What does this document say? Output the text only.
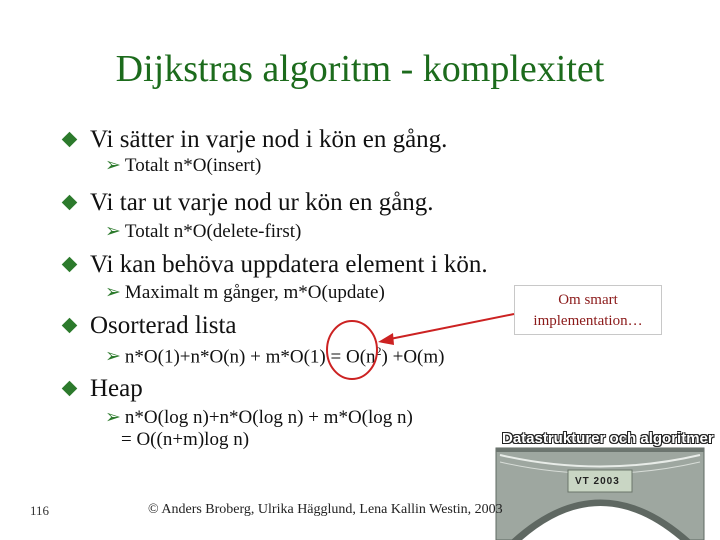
Dijkstras algoritm - komplexitet
Vi sätter in varje nod i kön en gång.
➢ Totalt n*O(insert)
Vi tar ut varje nod ur kön en gång.
➢ Totalt n*O(delete-first)
Vi kan behöva uppdatera element i kön.
➢ Maximalt m gånger, m*O(update)
Osorterad lista
➢ $n*O(1)+n*O(n) + m*O(1) = O(n^2) +O(m)$
Heap
➢ n*O(log n)+n*O(log n) + m*O(log n)
= O((n+m)log n)
Om smart
implementation…
Datastrukturer och algoritmer
VT 2003
116	© Anders Broberg, Ulrika Hägglund, Lena Kallin Westin, 2003
